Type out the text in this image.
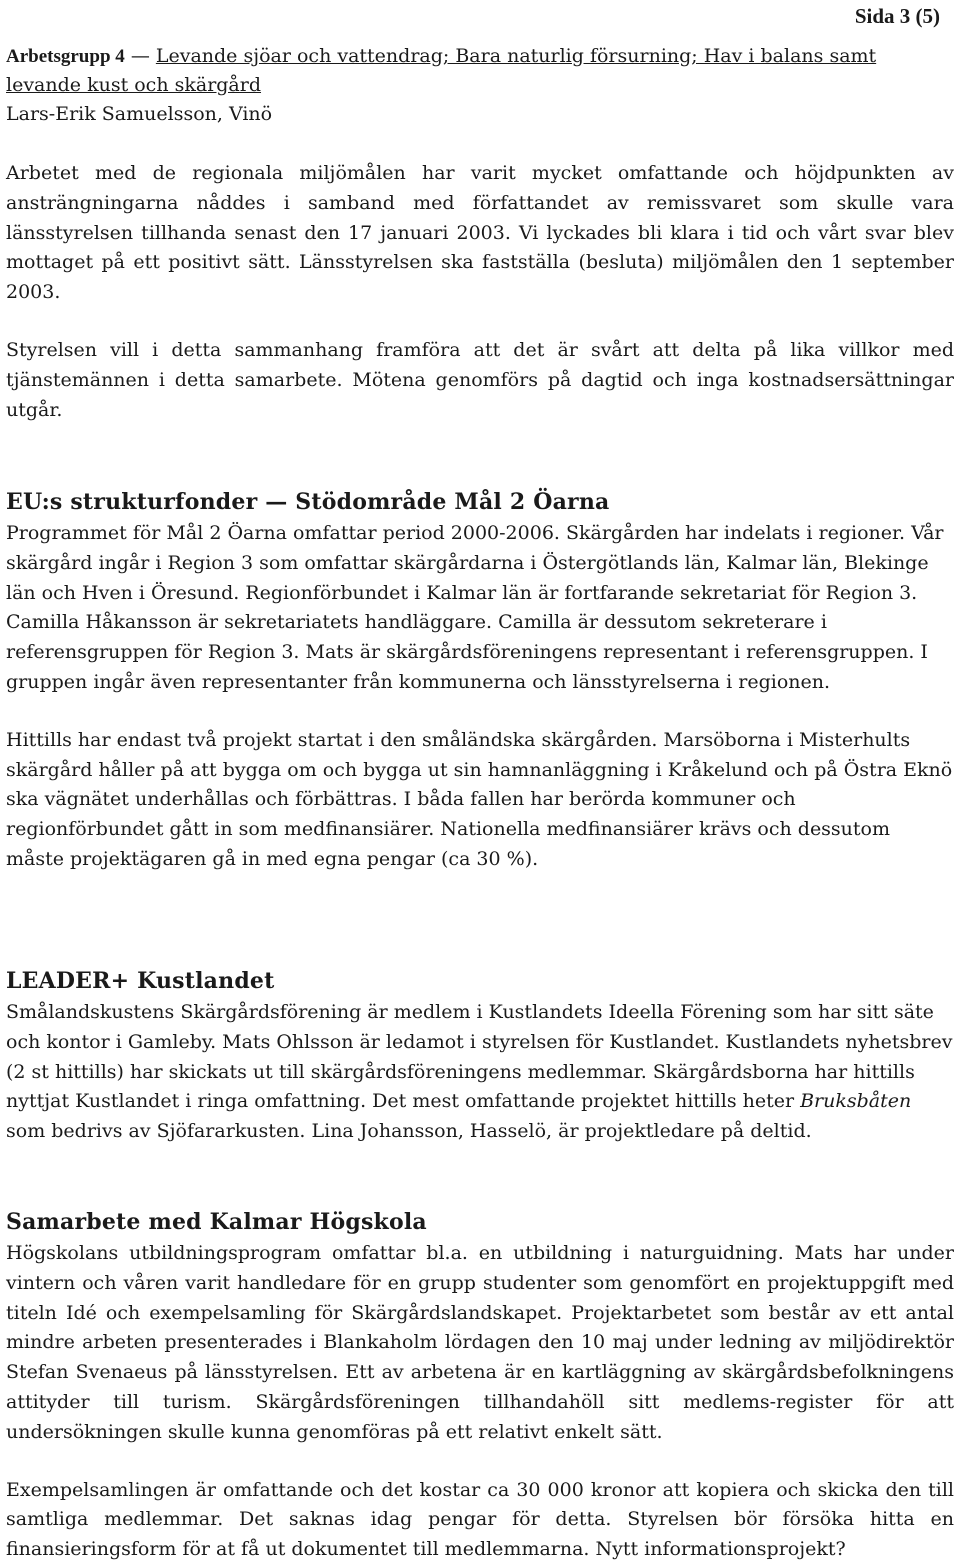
Sida 3 (5)

Arbetsgrupp 4 — Levande sjöar och vattendrag; Bara naturlig försurning; Hav i balans samt levande kust och skärgård
Lars-Erik Samuelsson, Vinö

Arbetet med de regionala miljömålen har varit mycket omfattande och höjdpunkten av ansträngningarna nåddes i samband med författandet av remissvaret som skulle vara länsstyrelsen tillhanda senast den 17 januari 2003. Vi lyckades bli klara i tid och vårt svar blev mottaget på ett positivt sätt. Länsstyrelsen ska fastställa (besluta) miljömålen den 1 september 2003.

Styrelsen vill i detta sammanhang framföra att det är svårt att delta på lika villkor med tjänstemännen i detta samarbete. Mötena genomförs på dagtid och inga kostnadsersättningar utgår.

EU:s strukturfonder — Stödområde Mål 2 Öarna

Programmet för Mål 2 Öarna omfattar period 2000-2006. Skärgården har indelats i regioner. Vår skärgård ingår i Region 3 som omfattar skärgårdarna i Östergötlands län, Kalmar län, Blekinge län och Hven i Öresund. Regionförbundet i Kalmar län är fortfarande sekretariat för Region 3. Camilla Håkansson är sekretariatets handläggare. Camilla är dessutom sekreterare i referensgruppen för Region 3. Mats är skärgårdsföreningens representant i referensgruppen. I gruppen ingår även representanter från kommunerna och länsstyrelserna i regionen.

Hittills har endast två projekt startat i den småländska skärgården. Marsöborna i Misterhults skärgård håller på att bygga om och bygga ut sin hamnanläggning i Kråkelund och på Östra Eknö ska vägnätet underhållas och förbättras. I båda fallen har berörda kommuner och regionförbundet gått in som medfinansiärer. Nationella medfinansiärer krävs och dessutom måste projektägaren gå in med egna pengar (ca 30 %).

LEADER+ Kustlandet

Smålandskustens Skärgårdsförening är medlem i Kustlandets Ideella Förening som har sitt säte och kontor i Gamleby. Mats Ohlsson är ledamot i styrelsen för Kustlandet. Kustlandets nyhetsbrev (2 st hittills) har skickats ut till skärgårdsföreningens medlemmar. Skärgårdsborna har hittills nyttjat Kustlandet i ringa omfattning. Det mest omfattande projektet hittills heter Bruksbåten som bedrivs av Sjöfararkusten. Lina Johansson, Hasselö, är projektledare på deltid.

Samarbete med Kalmar Högskola

Högskolans utbildningsprogram omfattar bl.a. en utbildning i naturguidning. Mats har under vintern och våren varit handledare för en grupp studenter som genomfört en projektuppgift med titeln Idé och exempelsamling för Skärgårdslandskapet. Projektarbetet som består av ett antal mindre arbeten presenterades i Blankaholm lördagen den 10 maj under ledning av miljödirektör Stefan Svenaeus på länsstyrelsen. Ett av arbetena är en kartläggning av skärgårdsbefolkningens attityder till turism. Skärgårdsföreningen tillhandahöll sitt medlems-register för att undersökningen skulle kunna genomföras på ett relativt enkelt sätt.

Exempelsamlingen är omfattande och det kostar ca 30 000 kronor att kopiera och skicka den till samtliga medlemmar. Det saknas idag pengar för detta. Styrelsen bör försöka hitta en finansieringsform för at få ut dokumentet till medlemmarna. Nytt informationsprojekt?
